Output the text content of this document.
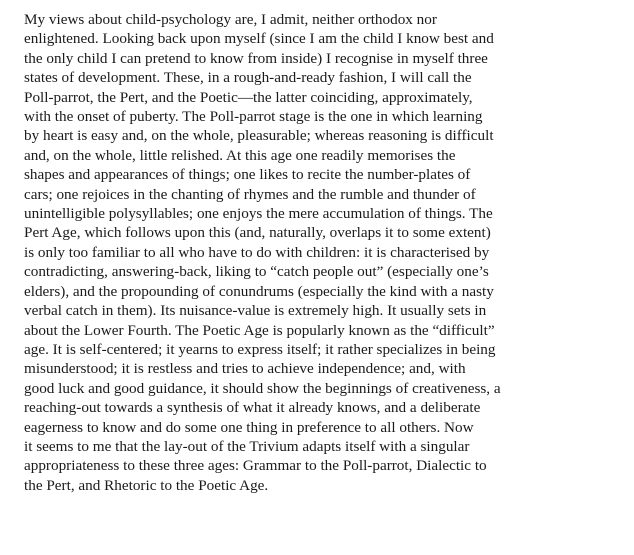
My views about child-psychology are, I admit, neither orthodox nor
enlightened. Looking back upon myself (since I am the child I know best and
the only child I can pretend to know from inside) I recognise in myself three
states of development. These, in a rough-and-ready fashion, I will call the
Poll-parrot, the Pert, and the Poetic—the latter coinciding, approximately,
with the onset of puberty. The Poll-parrot stage is the one in which learning
by heart is easy and, on the whole, pleasurable; whereas reasoning is difficult
and, on the whole, little relished. At this age one readily memorises the
shapes and appearances of things; one likes to recite the number-plates of
cars; one rejoices in the chanting of rhymes and the rumble and thunder of
unintelligible polysyllables; one enjoys the mere accumulation of things. The
Pert Age, which follows upon this (and, naturally, overlaps it to some extent)
is only too familiar to all who have to do with children: it is characterised by
contradicting, answering-back, liking to “catch people out” (especially one’s
elders), and the propounding of conundrums (especially the kind with a nasty
verbal catch in them). Its nuisance-value is extremely high. It usually sets in
about the Lower Fourth. The Poetic Age is popularly known as the “difficult”
age. It is self-centered; it yearns to express itself; it rather specializes in being
misunderstood; it is restless and tries to achieve independence; and, with
good luck and good guidance, it should show the beginnings of creativeness, a
reaching-out towards a synthesis of what it already knows, and a deliberate
eagerness to know and do some one thing in preference to all others. Now
it seems to me that the lay-out of the Trivium adapts itself with a singular
appropriateness to these three ages: Grammar to the Poll-parrot, Dialectic to
the Pert, and Rhetoric to the Poetic Age.
